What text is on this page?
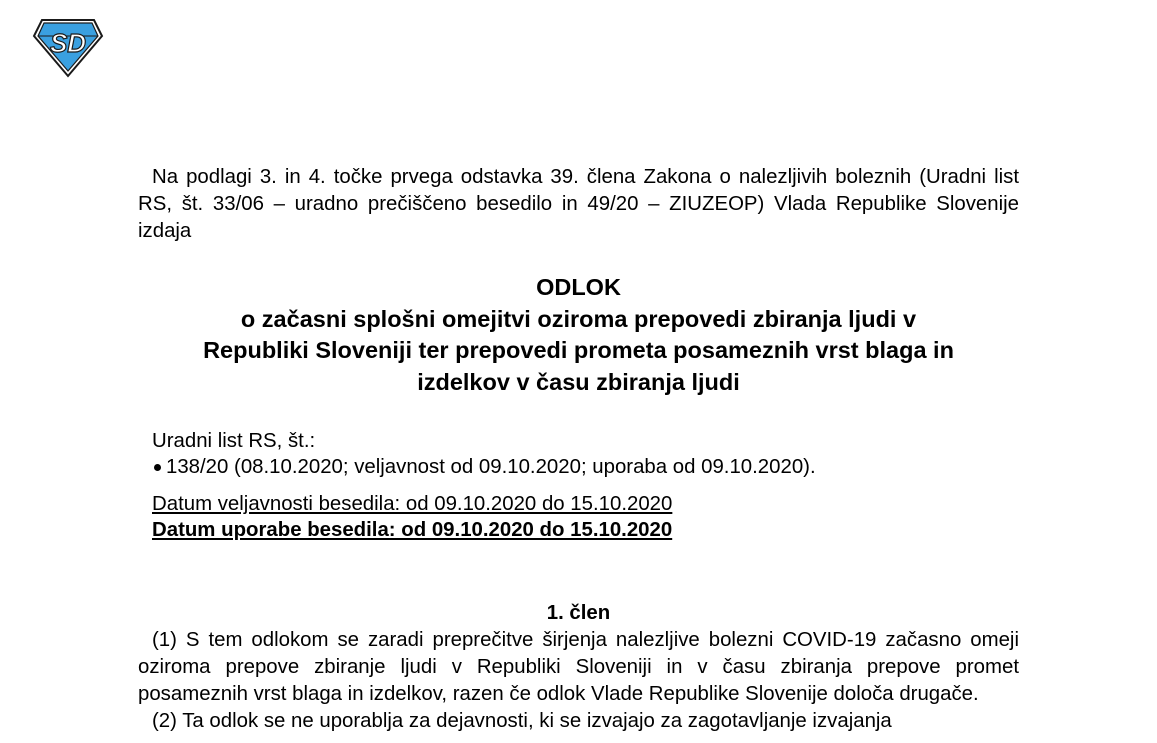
SD

Na podlagi 3. in 4. točke prvega odstavka 39. člena Zakona o nalezljivih boleznih (Uradni list RS, št. 33/06 – uradno prečiščeno besedilo in 49/20 – ZIUZEOP) Vlada Republike Slovenije izdaja

ODLOK
o začasni splošni omejitvi oziroma prepovedi zbiranja ljudi v
Republiki Sloveniji ter prepovedi prometa posameznih vrst blaga in
izdelkov v času zbiranja ljudi
Uradni list RS, št.:
138/20 (08.10.2020; veljavnost od 09.10.2020; uporaba od 09.10.2020).
Datum veljavnosti besedila: od 09.10.2020 do 15.10.2020
Datum uporabe besedila: od 09.10.2020 do 15.10.2020
1. člen

(1) S tem odlokom se zaradi preprečitve širjenja nalezljive bolezni COVID-19 začasno omeji oziroma prepove zbiranje ljudi v Republiki Sloveniji in v času zbiranja prepove promet posameznih vrst blaga in izdelkov, razen če odlok Vlade Republike Slovenije določa drugače.

(2) Ta odlok se ne uporablja za dejavnosti, ki se izvajajo za zagotavljanje izvajanja
